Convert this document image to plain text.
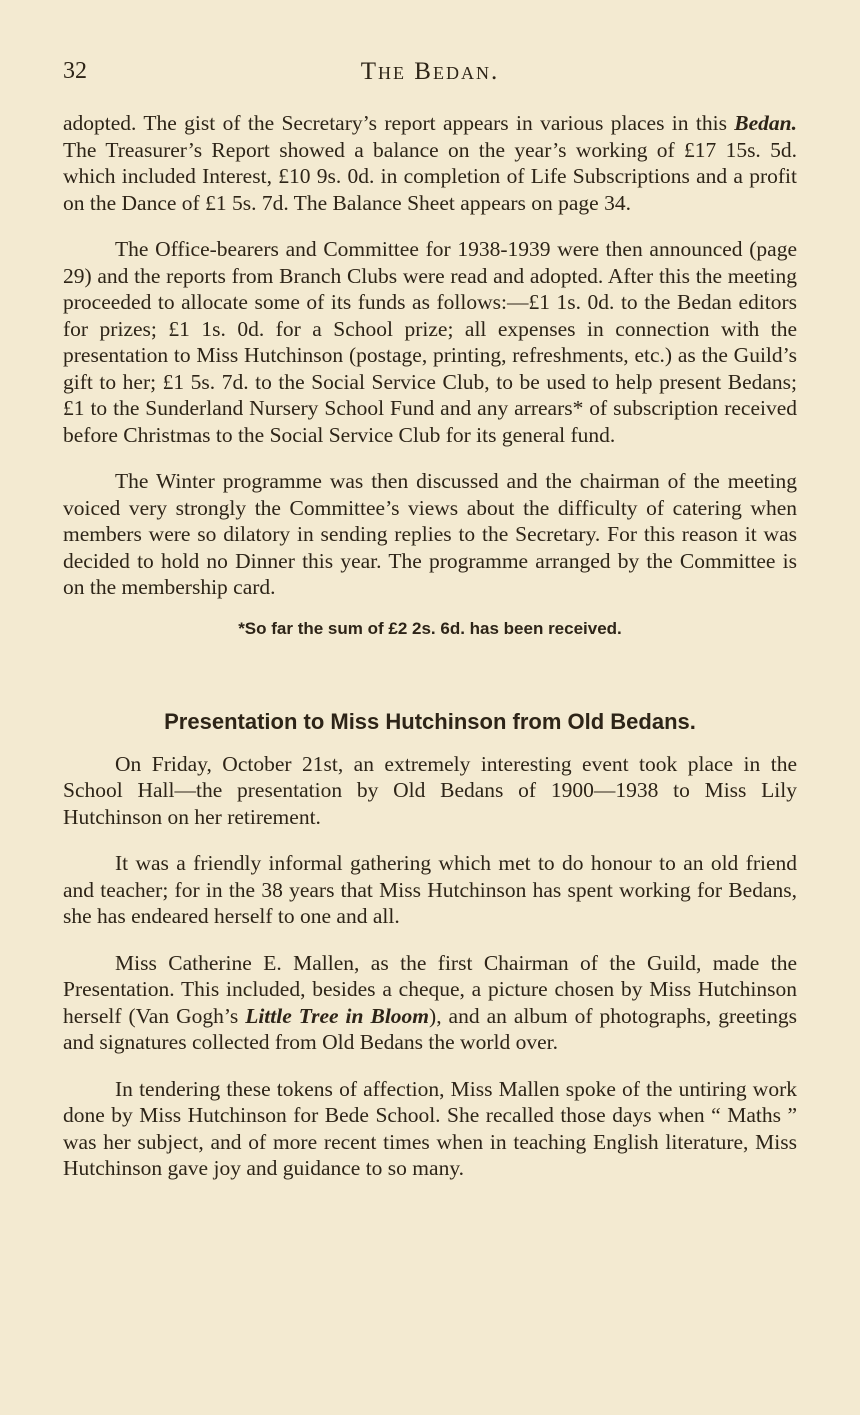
32	The Bedan.

adopted. The gist of the Secretary’s report appears in various places in this Bedan. The Treasurer’s Report showed a balance on the year’s working of £17 15s. 5d. which included Interest, £10 9s. 0d. in completion of Life Subscriptions and a profit on the Dance of £1 5s. 7d. The Balance Sheet appears on page 34.

The Office-bearers and Committee for 1938-1939 were then announced (page 29) and the reports from Branch Clubs were read and adopted. After this the meeting proceeded to allocate some of its funds as follows:—£1 1s. 0d. to the Bedan editors for prizes; £1 1s. 0d. for a School prize; all expenses in connection with the presentation to Miss Hutchinson (postage, printing, refreshments, etc.) as the Guild’s gift to her; £1 5s. 7d. to the Social Service Club, to be used to help present Bedans; £1 to the Sunderland Nursery School Fund and any arrears* of subscription received before Christmas to the Social Service Club for its general fund.

The Winter programme was then discussed and the chairman of the meeting voiced very strongly the Committee’s views about the difficulty of catering when members were so dilatory in sending replies to the Secretary. For this reason it was decided to hold no Dinner this year. The programme arranged by the Committee is on the membership card.

*So far the sum of £2 2s. 6d. has been received.
Presentation to Miss Hutchinson from Old Bedans.

On Friday, October 21st, an extremely interesting event took place in the School Hall—the presentation by Old Bedans of 1900—1938 to Miss Lily Hutchinson on her retirement.

It was a friendly informal gathering which met to do honour to an old friend and teacher; for in the 38 years that Miss Hutchinson has spent working for Bedans, she has endeared herself to one and all.

Miss Catherine E. Mallen, as the first Chairman of the Guild, made the Presentation. This included, besides a cheque, a picture chosen by Miss Hutchinson herself (Van Gogh’s Little Tree in Bloom), and an album of photographs, greetings and signatures collected from Old Bedans the world over.

In tendering these tokens of affection, Miss Mallen spoke of the untiring work done by Miss Hutchinson for Bede School. She recalled those days when “ Maths ” was her subject, and of more recent times when in teaching English literature, Miss Hutchinson gave joy and guidance to so many.
